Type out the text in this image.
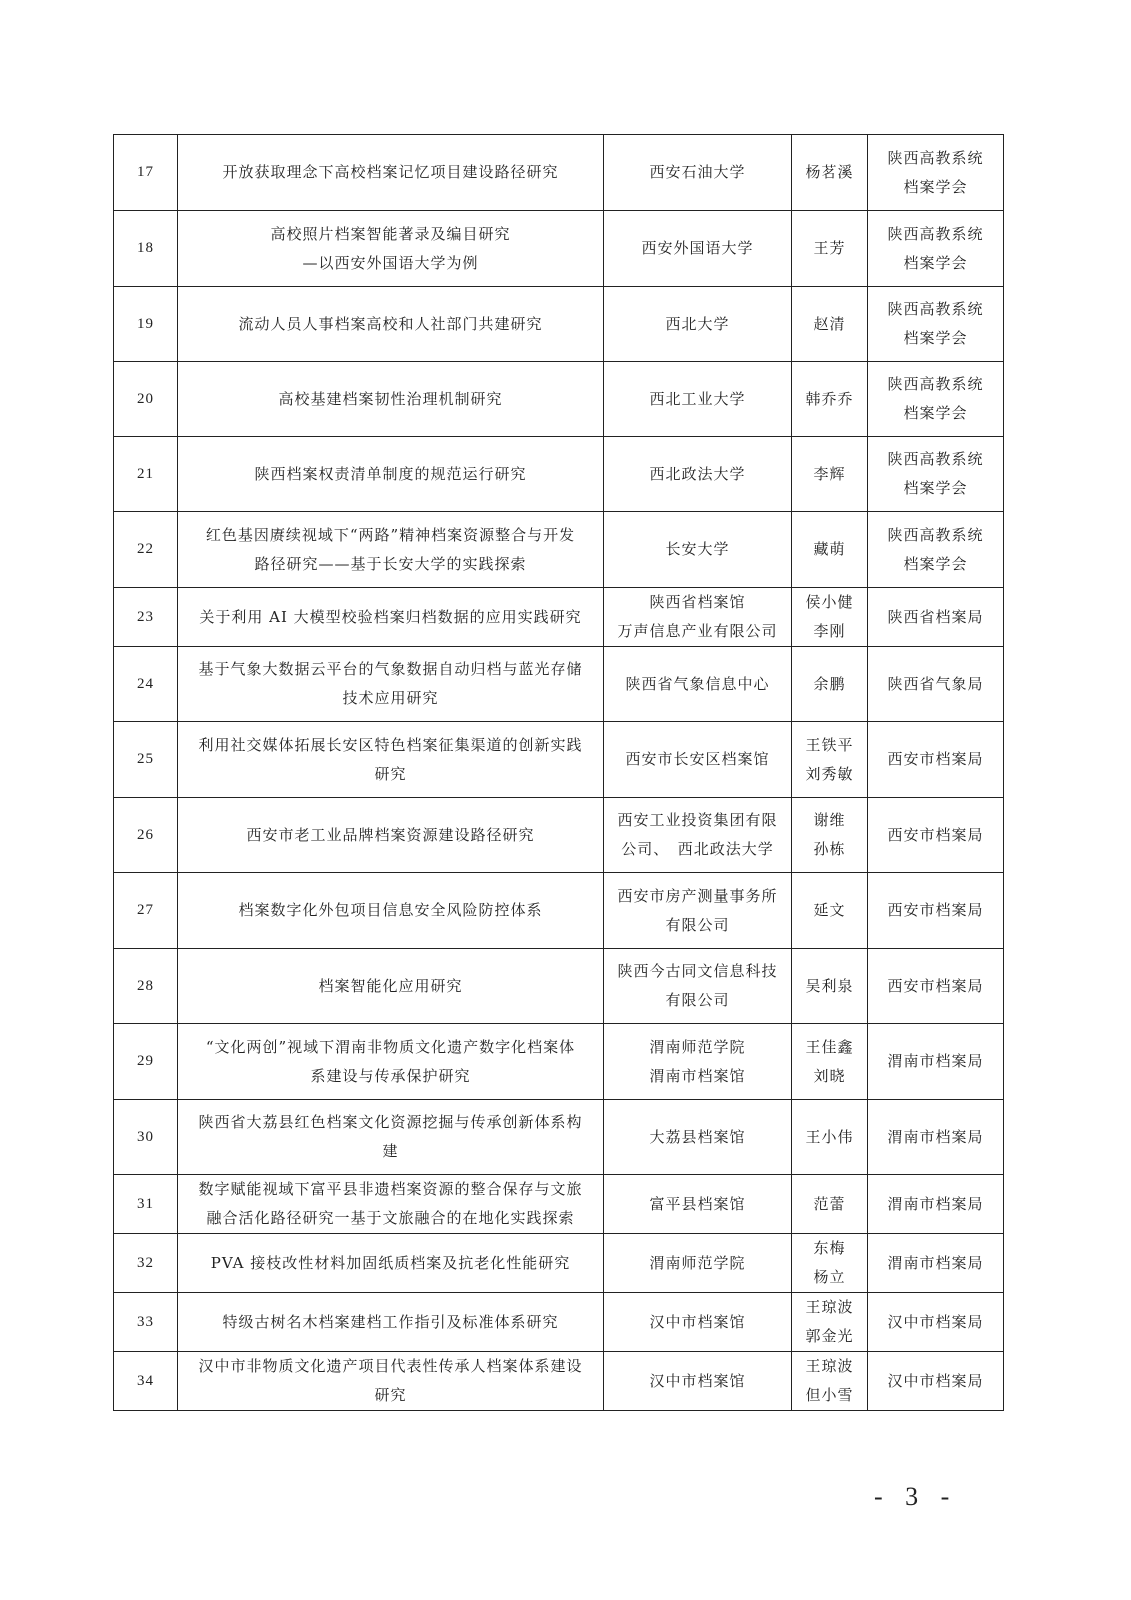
17	开放获取理念下高校档案记忆项目建设路径研究	西安石油大学	杨茗溪	陕西高教系统
档案学会

18	高校照片档案智能著录及编目研究
—以西安外国语大学为例	西安外国语大学	王芳	陕西高教系统
档案学会

19	流动人员人事档案高校和人社部门共建研究	西北大学	赵清	陕西高教系统
档案学会

20	高校基建档案韧性治理机制研究	西北工业大学	韩乔乔	陕西高教系统
档案学会

21	陕西档案权责清单制度的规范运行研究	西北政法大学	李辉	陕西高教系统
档案学会

22	红色基因赓续视域下“两路”精神档案资源整合与开发
路径研究——基于长安大学的实践探索	长安大学	藏萌	陕西高教系统
档案学会

23	关于利用 AI 大模型校验档案归档数据的应用实践研究	陕西省档案馆
万声信息产业有限公司	侯小健
李刚	陕西省档案局

24	基于气象大数据云平台的气象数据自动归档与蓝光存储
技术应用研究	陕西省气象信息中心	余鹏	陕西省气象局

25	利用社交媒体拓展长安区特色档案征集渠道的创新实践
研究	西安市长安区档案馆	王铁平
刘秀敏	西安市档案局

26	西安市老工业品牌档案资源建设路径研究	西安工业投资集团有限
公司、　西北政法大学	谢维
孙栋	西安市档案局

27	档案数字化外包项目信息安全风险防控体系	西安市房产测量事务所
有限公司	延文	西安市档案局

28	档案智能化应用研究	陕西今古同文信息科技
有限公司	吴利泉	西安市档案局

29	“文化两创”视域下渭南非物质文化遗产数字化档案体
系建设与传承保护研究	渭南师范学院
渭南市档案馆	王佳鑫
刘晓	渭南市档案局

30	陕西省大荔县红色档案文化资源挖掘与传承创新体系构
建	大荔县档案馆	王小伟	渭南市档案局

31	数字赋能视域下富平县非遗档案资源的整合保存与文旅
融合活化路径研究一基于文旅融合的在地化实践探索	富平县档案馆	范蕾	渭南市档案局

32	PVA 接枝改性材料加固纸质档案及抗老化性能研究	渭南师范学院	东梅
杨立	渭南市档案局

33	特级古树名木档案建档工作指引及标准体系研究	汉中市档案馆	王琼波
郭金光	汉中市档案局

34	汉中市非物质文化遗产项目代表性传承人档案体系建设
研究	汉中市档案馆	王琼波
但小雪	汉中市档案局
- 3 -
